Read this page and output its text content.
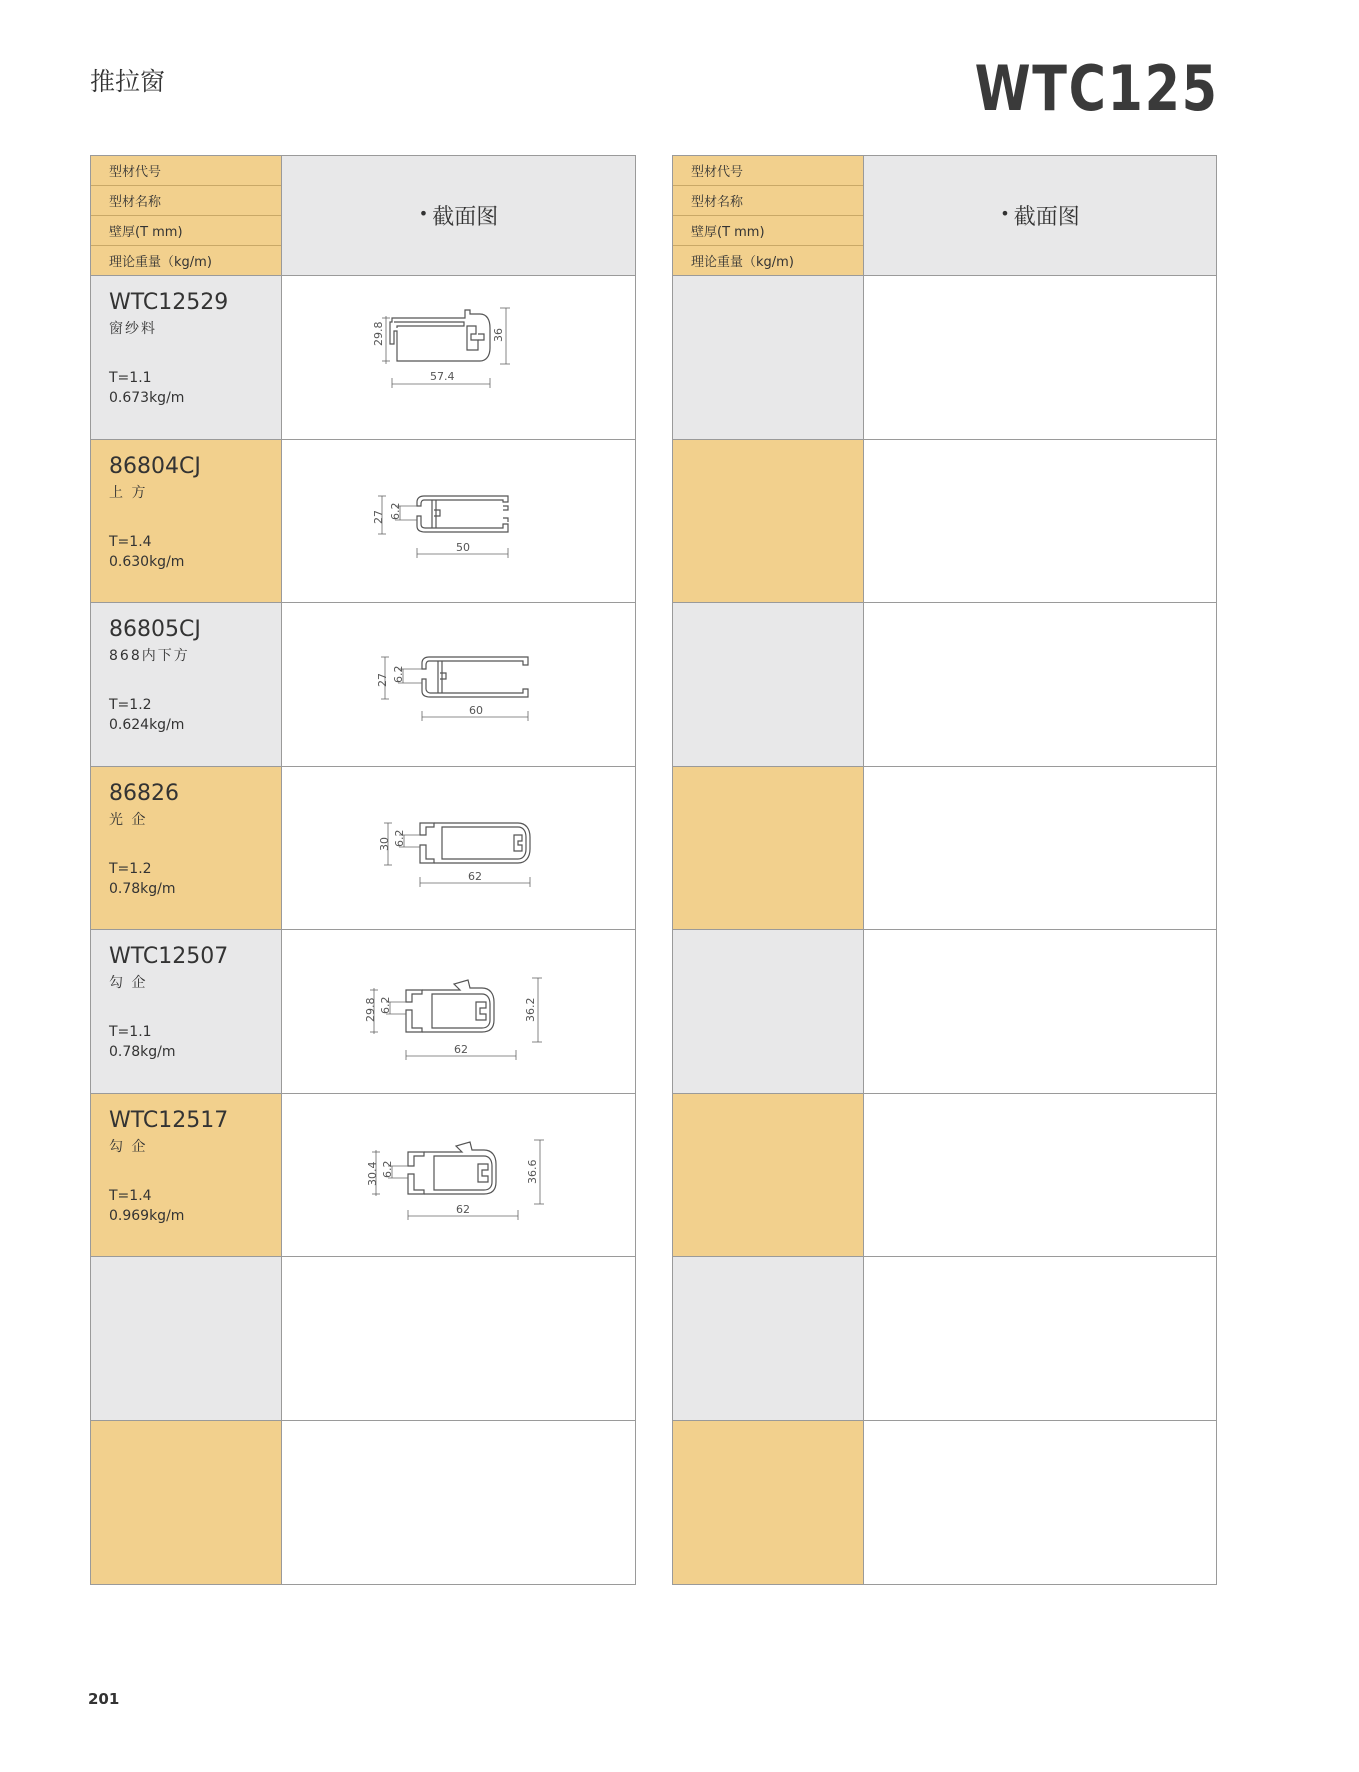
推拉窗	WTC125
型材代号
型材名称
壁厚(T mm)
理论重量（kg/m)
• 截面图
WTC12529
窗纱料
T=1.1
0.673kg/m
29.8
57.4
36
86804CJ
上 方
T=1.4
0.630kg/m
27 6.2
50
86805CJ
868内下方
T=1.2
0.624kg/m
27 6.2
60
86826
光 企
T=1.2
0.78kg/m
30 6.2
62
WTC12507
勾 企
T=1.1
0.78kg/m
29.8 6.2
62
36.2
WTC12517
勾 企
T=1.4
0.969kg/m
30.4 6.2
62
36.6
型材代号
型材名称
壁厚(T mm)
理论重量（kg/m)
• 截面图
201
